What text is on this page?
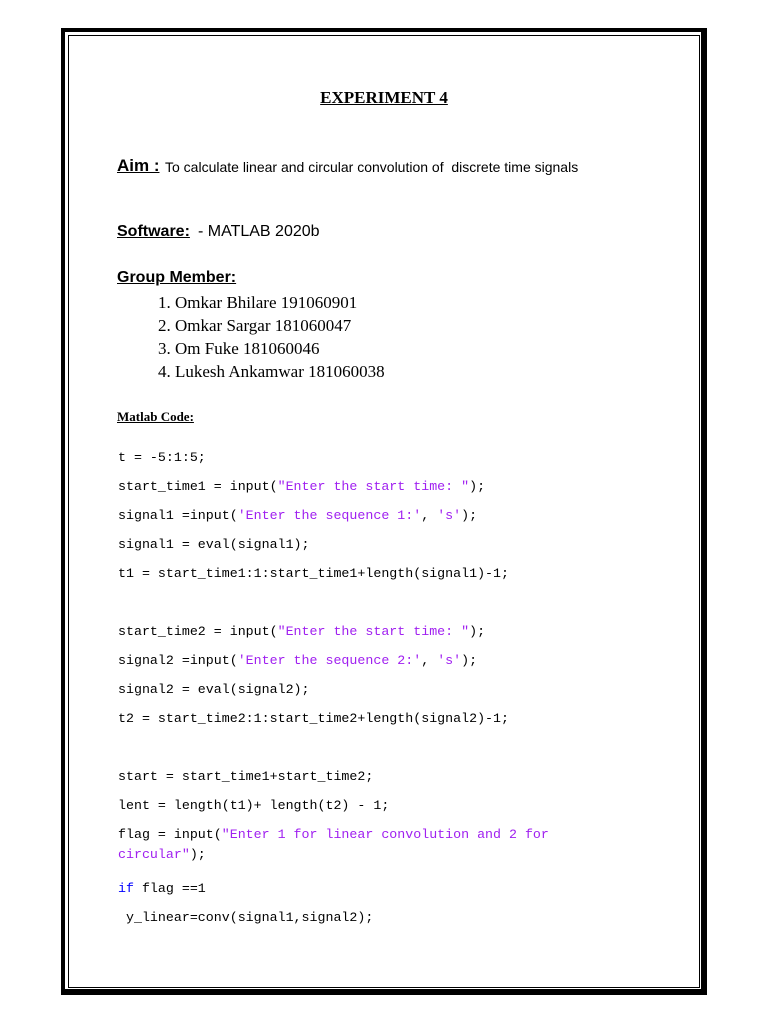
EXPERIMENT 4
Aim : To calculate linear and circular convolution of  discrete time signals
Software: - MATLAB 2020b
Group Member:
1. Omkar Bhilare 191060901
2. Omkar Sargar 181060047
3. Om Fuke 181060046
4. Lukesh Ankamwar 181060038
Matlab Code:
t = -5:1:5;
start_time1 = input("Enter the start time: ");
signal1 =input('Enter the sequence 1:', 's');
signal1 = eval(signal1);
t1 = start_time1:1:start_time1+length(signal1)-1;
start_time2 = input("Enter the start time: ");
signal2 =input('Enter the sequence 2:', 's');
signal2 = eval(signal2);
t2 = start_time2:1:start_time2+length(signal2)-1;
start = start_time1+start_time2;
lent = length(t1)+ length(t2) - 1;
flag = input("Enter 1 for linear convolution and 2 for circular");
if flag ==1
y_linear=conv(signal1,signal2);
